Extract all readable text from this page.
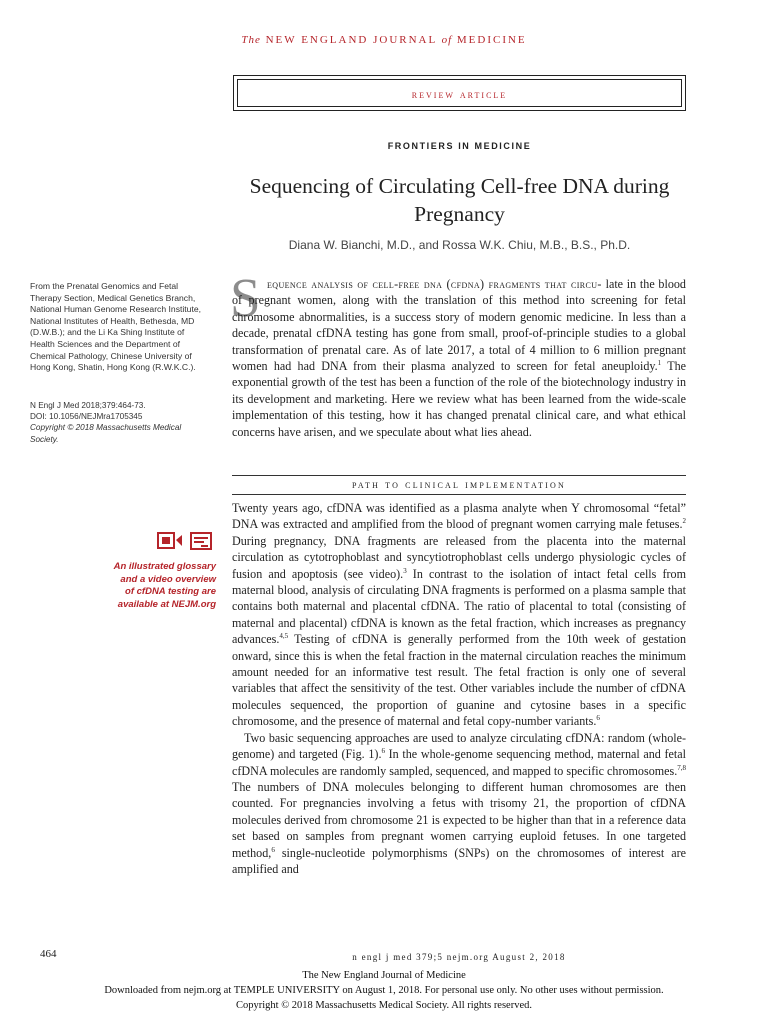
The NEW ENGLAND JOURNAL of MEDICINE
review article
FRONTIERS IN MEDICINE
Sequencing of Circulating Cell-free DNA during Pregnancy
Diana W. Bianchi, M.D., and Rossa W.K. Chiu, M.B., B.S., Ph.D.
From the Prenatal Genomics and Fetal Therapy Section, Medical Genetics Branch, National Human Genome Research Institute, National Institutes of Health, Bethesda, MD (D.W.B.); and the Li Ka Shing Institute of Health Sciences and the Department of Chemical Pathology, Chinese University of Hong Kong, Shatin, Hong Kong (R.W.K.C.).
N Engl J Med 2018;379:464-73.
DOI: 10.1056/NEJMra1705345
Copyright © 2018 Massachusetts Medical Society.
S equence analysis of cell-free dna (cfdna) fragments that circu- late in the blood of pregnant women, along with the translation of this method into screening for fetal chromosome abnormalities, is a success story of modern genomic medicine. In less than a decade, prenatal cfDNA testing has gone from small, proof-of-principle studies to a global transformation of prenatal care. As of late 2017, a total of 4 million to 6 million pregnant women had had DNA from their plasma analyzed to screen for fetal aneuploidy.$^1$ The exponential growth of the test has been a function of the role of the biotechnology industry in its development and marketing. Here we review what has been learned from the wide-scale implementation of this testing, how it has changed prenatal clinical care, and what ethical concerns have arisen, and we speculate about what lies ahead.

path to clinical implementation
An illustrated glossary and a video overview of cfDNA testing are available at NEJM.org

Twenty years ago, cfDNA was identified as a plasma analyte when Y chromosomal “fetal” DNA was extracted and amplified from the blood of pregnant women carrying male fetuses.$^2$ During pregnancy, DNA fragments are released from the placenta into the maternal circulation as cytotrophoblast and syncytiotrophoblast cells undergo physiologic cycles of fusion and apoptosis (see video).$^3$ In contrast to the isolation of intact fetal cells from maternal blood, analysis of circulating DNA fragments is performed on a plasma sample that contains both maternal and placental cfDNA. The ratio of placental to total (consisting of maternal and placental) cfDNA is known as the fetal fraction, which increases as pregnancy advances.$^{4,5}$ Testing of cfDNA is generally performed from the 10th week of gestation onward, since this is when the fetal fraction in the maternal circulation reaches the minimum amount needed for an informative test result. The fetal fraction is only one of several variables that affect the sensitivity of the test. Other variables include the number of cfDNA molecules sequenced, the proportion of guanine and cytosine bases in a specific chromosome, and the presence of maternal and fetal copy-number variants.$^6$

Two basic sequencing approaches are used to analyze circulating cfDNA: random (whole-genome) and targeted (Fig. 1).$^6$ In the whole-genome sequencing method, maternal and fetal cfDNA molecules are randomly sampled, sequenced, and mapped to specific chromosomes.$^{7,8}$ The numbers of DNA molecules belonging to different human chromosomes are then counted. For pregnancies involving a fetus with trisomy 21, the proportion of cfDNA molecules derived from chromosome 21 is expected to be higher than that in a reference data set based on samples from pregnant women carrying euploid fetuses. In one targeted method,$^6$ single-nucleotide polymorphisms (SNPs) on the chromosomes of interest are amplified and

464	n engl j med 379;5 nejm.org August 2, 2018
The New England Journal of Medicine
Downloaded from nejm.org at TEMPLE UNIVERSITY on August 1, 2018. For personal use only. No other uses without permission.
Copyright © 2018 Massachusetts Medical Society. All rights reserved.
